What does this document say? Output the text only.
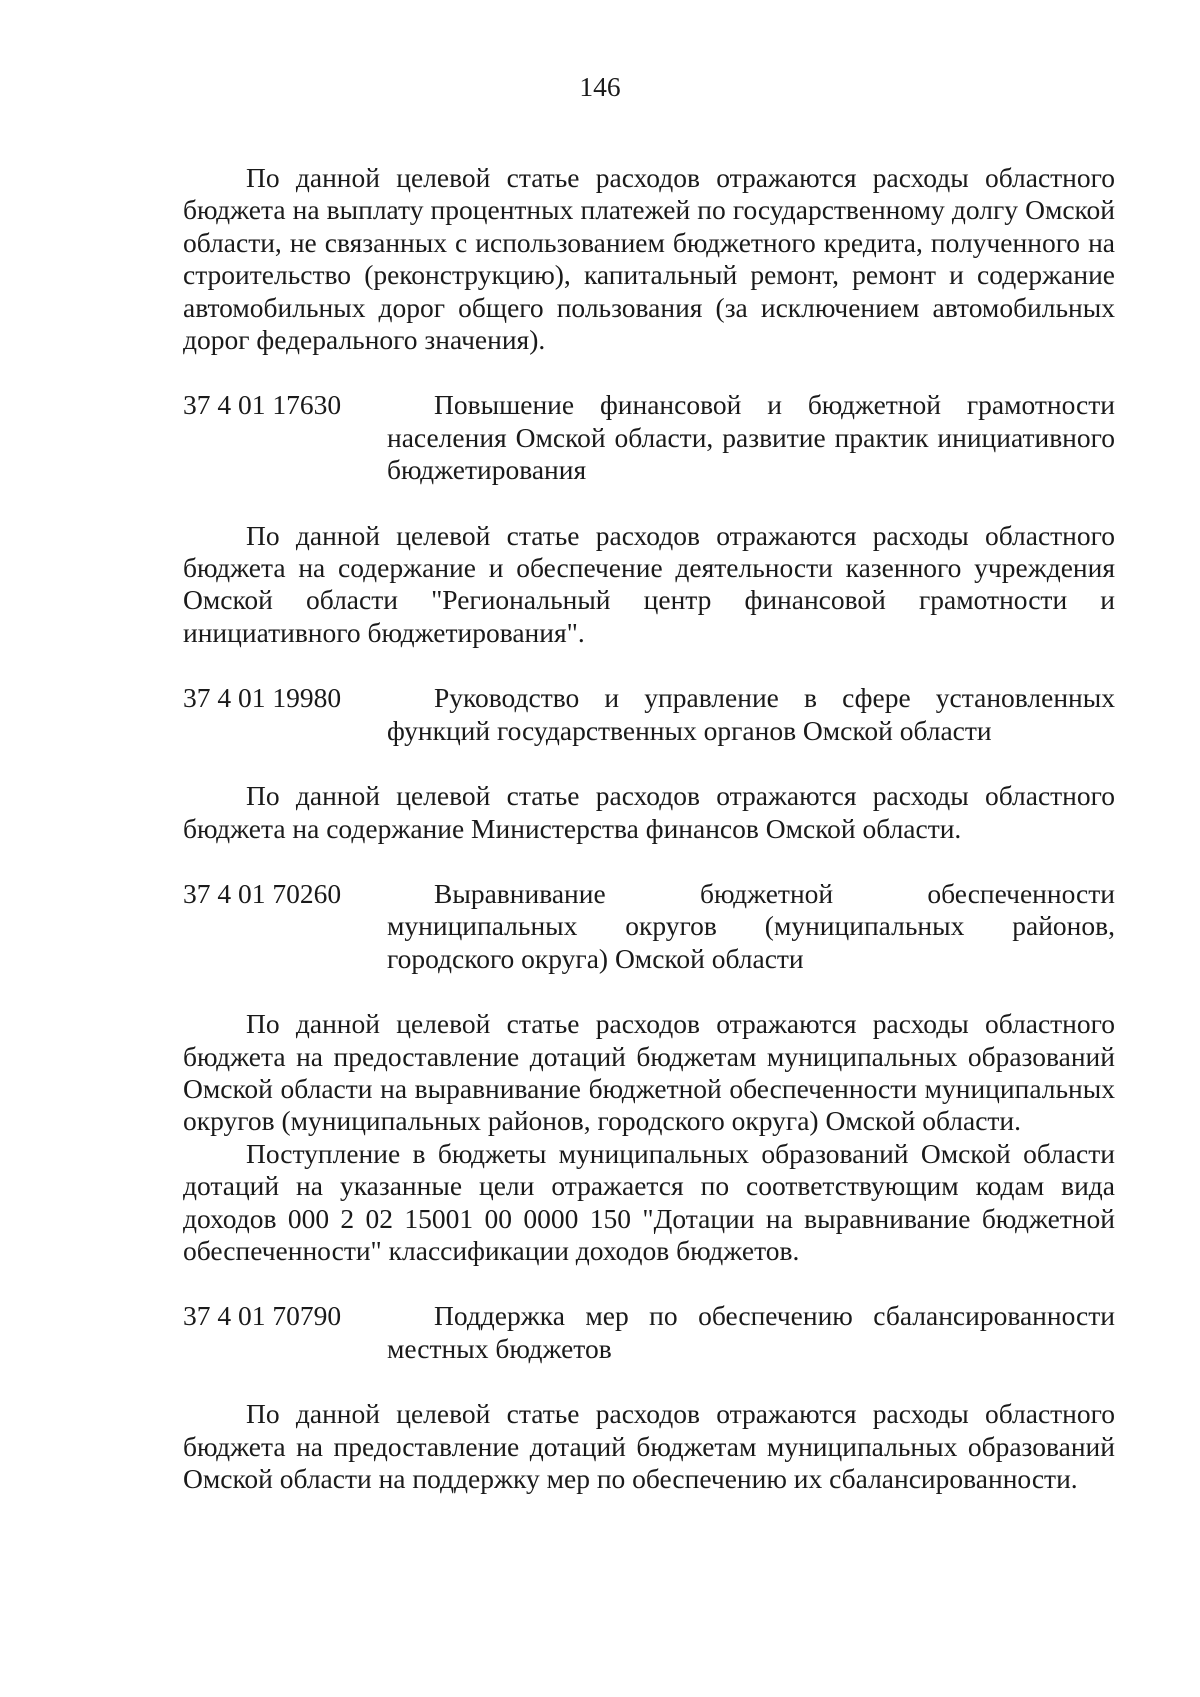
146

По данной целевой статье расходов отражаются расходы областного бюджета на выплату процентных платежей по государственному долгу Омской области, не связанных с использованием бюджетного кредита, полученного на строительство (реконструкцию), капитальный ремонт, ремонт и содержание автомобильных дорог общего пользования (за исключением автомобильных дорог федерального значения).

37 4 01 17630	Повышение финансовой и бюджетной грамотности населения Омской области, развитие практик инициативного бюджетирования

По данной целевой статье расходов отражаются расходы областного бюджета на содержание и обеспечение деятельности казенного учреждения Омской области "Региональный центр финансовой грамотности и инициативного бюджетирования".

37 4 01 19980	Руководство и управление в сфере установленных функций государственных органов Омской области

По данной целевой статье расходов отражаются расходы областного бюджета на содержание Министерства финансов Омской области.

37 4 01 70260	Выравнивание бюджетной обеспеченности муниципальных округов (муниципальных районов, городского округа) Омской области

По данной целевой статье расходов отражаются расходы областного бюджета на предоставление дотаций бюджетам муниципальных образований Омской области на выравнивание бюджетной обеспеченности муниципальных округов (муниципальных районов, городского округа) Омской области.

Поступление в бюджеты муниципальных образований Омской области дотаций на указанные цели отражается по соответствующим кодам вида доходов 000 2 02 15001 00 0000 150 "Дотации на выравнивание бюджетной обеспеченности" классификации доходов бюджетов.

37 4 01 70790	Поддержка мер по обеспечению сбалансированности местных бюджетов

По данной целевой статье расходов отражаются расходы областного бюджета на предоставление дотаций бюджетам муниципальных образований Омской области на поддержку мер по обеспечению их сбалансированности.
